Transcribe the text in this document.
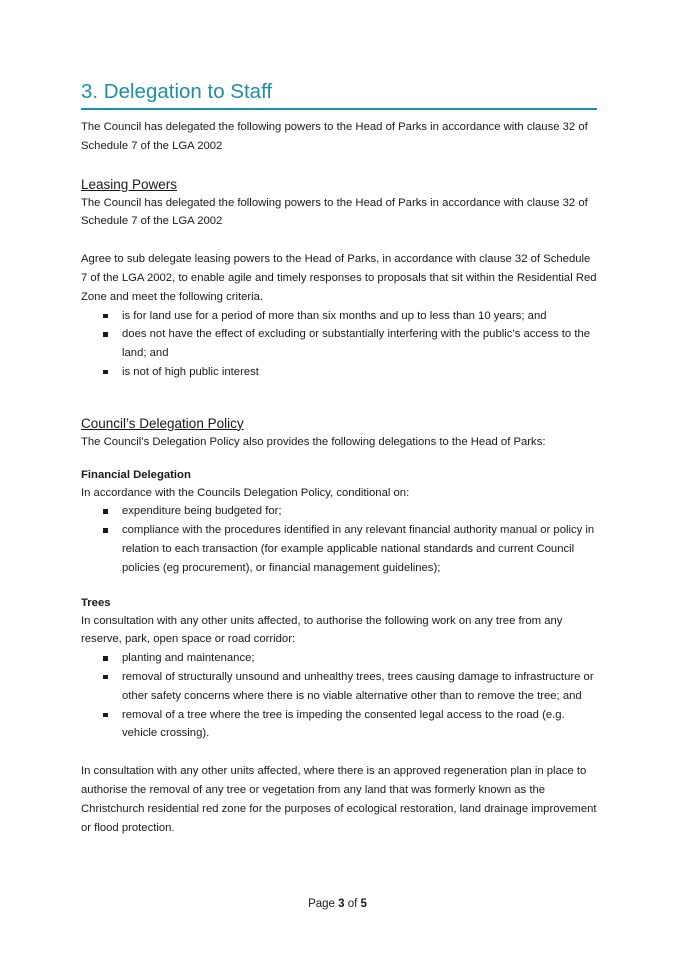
3. Delegation to Staff

The Council has delegated the following powers to the Head of Parks in accordance with clause 32 of Schedule 7 of the LGA 2002

Leasing Powers

The Council has delegated the following powers to the Head of Parks in accordance with clause 32 of Schedule 7 of the LGA 2002

Agree to sub delegate leasing powers to the Head of Parks, in accordance with clause 32 of Schedule 7 of the LGA 2002, to enable agile and timely responses to proposals that sit within the Residential Red Zone and meet the following criteria.

is for land use for a period of more than six months and up to less than 10 years; and
does not have the effect of excluding or substantially interfering with the public’s access to the land; and
is not of high public interest
Council’s Delegation Policy

The Council’s Delegation Policy also provides the following delegations to the Head of Parks:

Financial Delegation

In accordance with the Councils Delegation Policy, conditional on:

expenditure being budgeted for;
compliance with the procedures identified in any relevant financial authority manual or policy in relation to each transaction (for example applicable national standards and current Council policies (eg procurement), or financial management guidelines);
Trees

In consultation with any other units affected, to authorise the following work on any tree from any reserve, park, open space or road corridor:

planting and maintenance;
removal of structurally unsound and unhealthy trees, trees causing damage to infrastructure or other safety concerns where there is no viable alternative other than to remove the tree; and
removal of a tree where the tree is impeding the consented legal access to the road (e.g. vehicle crossing).

In consultation with any other units affected, where there is an approved regeneration plan in place to authorise the removal of any tree or vegetation from any land that was formerly known as the Christchurch residential red zone for the purposes of ecological restoration, land drainage improvement or flood protection.

Page 3 of 5
